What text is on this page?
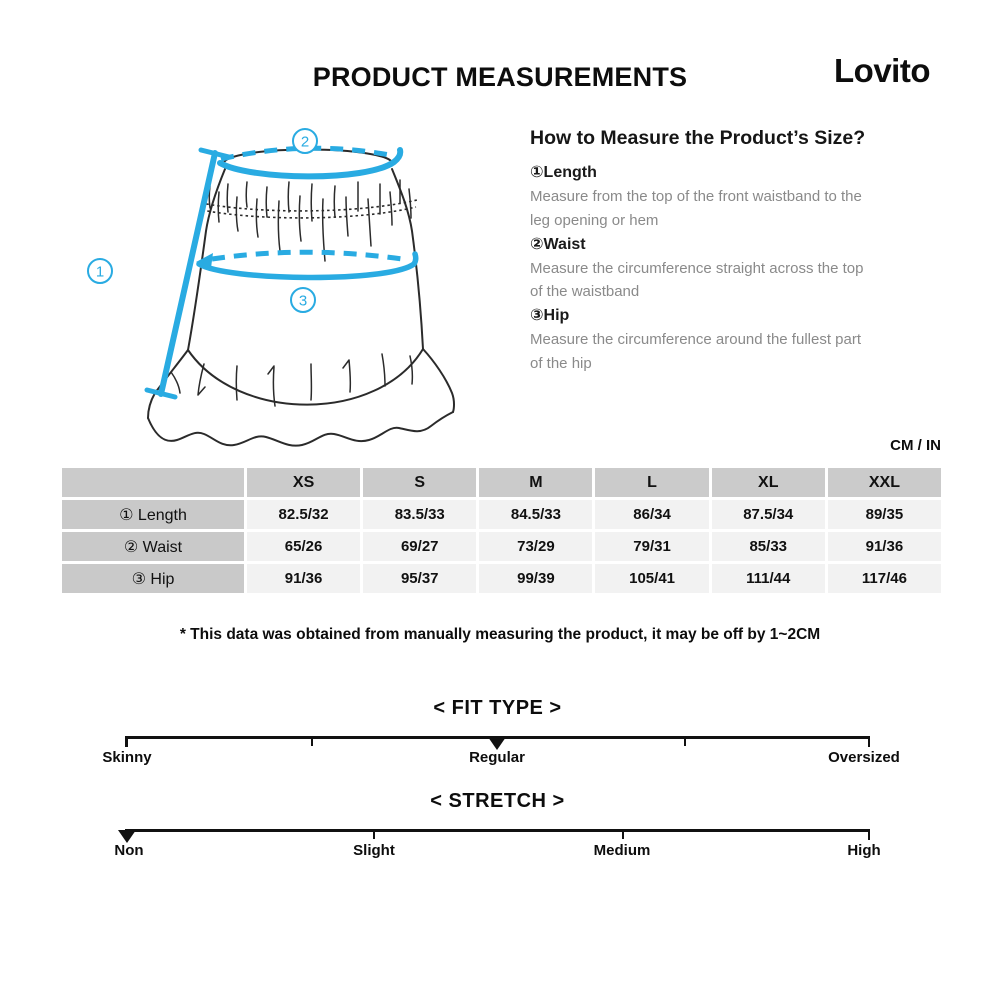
PRODUCT MEASUREMENTS	Lovito
1
2
3
How to Measure the Product’s Size?
①Length
Measure from the top of the front waistband to the
leg opening or hem
②Waist
Measure the circumference straight across the top
of the waistband
③Hip
Measure the circumference around the fullest part
of the hip
CM / IN
XS	S	M	L	XL	XXL
① Length	82.5/32	83.5/33	84.5/33	86/34	87.5/34	89/35
② Waist	65/26	69/27	73/29	79/31	85/33	91/36
③ Hip	91/36	95/37	99/39	105/41	111/44	117/46
* This data was obtained from manually measuring the product, it may be off by 1~2CM
< FIT TYPE >
Skinny	Regular	Oversized
< STRETCH >
Non	Slight	Medium	High
